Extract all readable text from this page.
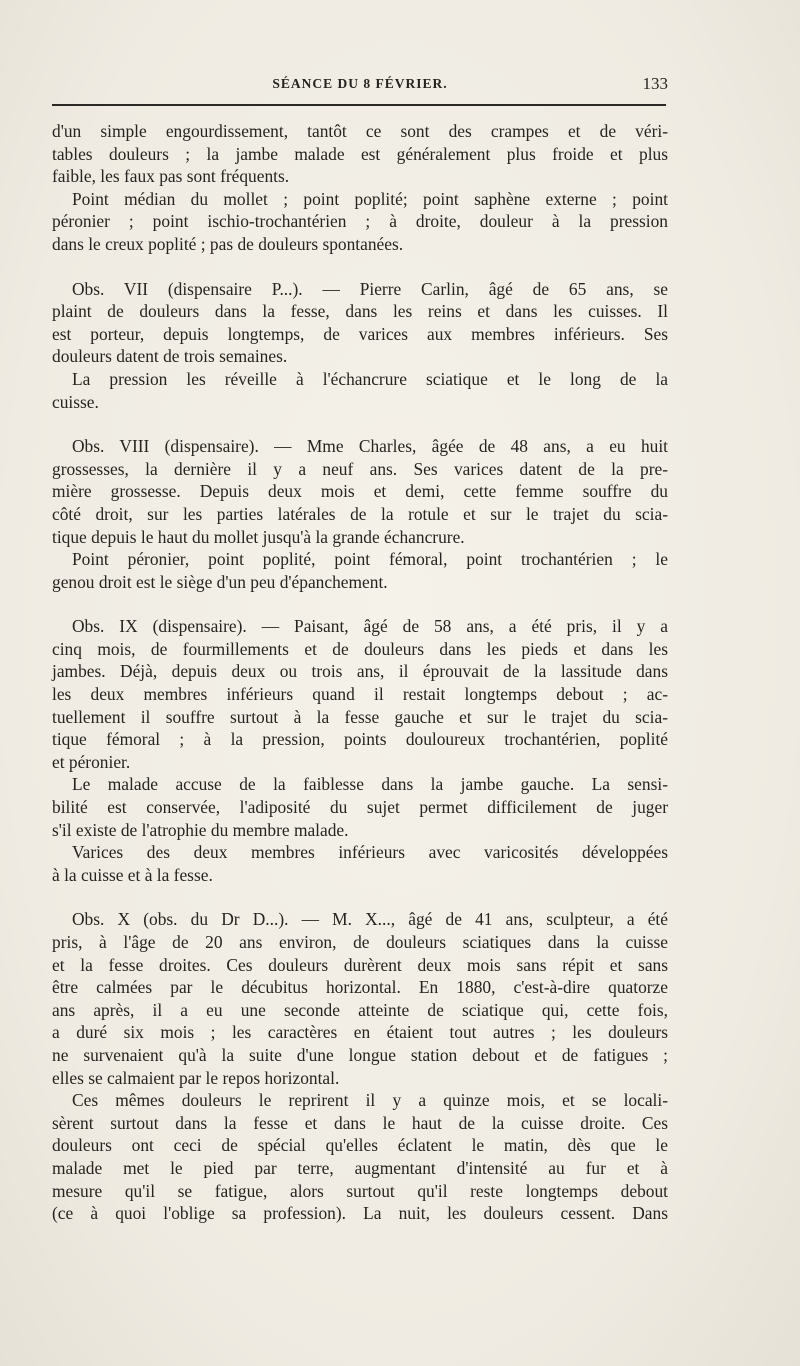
SÉANCE DU 8 FÉVRIER.	133

d'un simple engourdissement, tantôt ce sont des crampes et de véri-
tables douleurs ; la jambe malade est généralement plus froide et plus
faible, les faux pas sont fréquents.

Point médian du mollet ; point poplité; point saphène externe ; point
péronier ; point ischio-trochantérien ; à droite, douleur à la pression
dans le creux poplité ; pas de douleurs spontanées.

Obs. VII (dispensaire P...). — Pierre Carlin, âgé de 65 ans, se
plaint de douleurs dans la fesse, dans les reins et dans les cuisses. Il
est porteur, depuis longtemps, de varices aux membres inférieurs. Ses
douleurs datent de trois semaines.

La pression les réveille à l'échancrure sciatique et le long de la
cuisse.

Obs. VIII (dispensaire). — Mme Charles, âgée de 48 ans, a eu huit
grossesses, la dernière il y a neuf ans. Ses varices datent de la pre-
mière grossesse. Depuis deux mois et demi, cette femme souffre du
côté droit, sur les parties latérales de la rotule et sur le trajet du scia-
tique depuis le haut du mollet jusqu'à la grande échancrure.

Point péronier, point poplité, point fémoral, point trochantérien ; le
genou droit est le siège d'un peu d'épanchement.

Obs. IX (dispensaire). — Paisant, âgé de 58 ans, a été pris, il y a
cinq mois, de fourmillements et de douleurs dans les pieds et dans les
jambes. Déjà, depuis deux ou trois ans, il éprouvait de la lassitude dans
les deux membres inférieurs quand il restait longtemps debout ; ac-
tuellement il souffre surtout à la fesse gauche et sur le trajet du scia-
tique fémoral ; à la pression, points douloureux trochantérien, poplité
et péronier.

Le malade accuse de la faiblesse dans la jambe gauche. La sensi-
bilité est conservée, l'adiposité du sujet permet difficilement de juger
s'il existe de l'atrophie du membre malade.

Varices des deux membres inférieurs avec varicosités développées
à la cuisse et à la fesse.

Obs. X (obs. du Dr D...). — M. X..., âgé de 41 ans, sculpteur, a été
pris, à l'âge de 20 ans environ, de douleurs sciatiques dans la cuisse
et la fesse droites. Ces douleurs durèrent deux mois sans répit et sans
être calmées par le décubitus horizontal. En 1880, c'est-à-dire quatorze
ans après, il a eu une seconde atteinte de sciatique qui, cette fois,
a duré six mois ; les caractères en étaient tout autres ; les douleurs
ne survenaient qu'à la suite d'une longue station debout et de fatigues ;
elles se calmaient par le repos horizontal.

Ces mêmes douleurs le reprirent il y a quinze mois, et se locali-
sèrent surtout dans la fesse et dans le haut de la cuisse droite. Ces
douleurs ont ceci de spécial qu'elles éclatent le matin, dès que le
malade met le pied par terre, augmentant d'intensité au fur et à
mesure qu'il se fatigue, alors surtout qu'il reste longtemps debout
(ce à quoi l'oblige sa profession). La nuit, les douleurs cessent. Dans
